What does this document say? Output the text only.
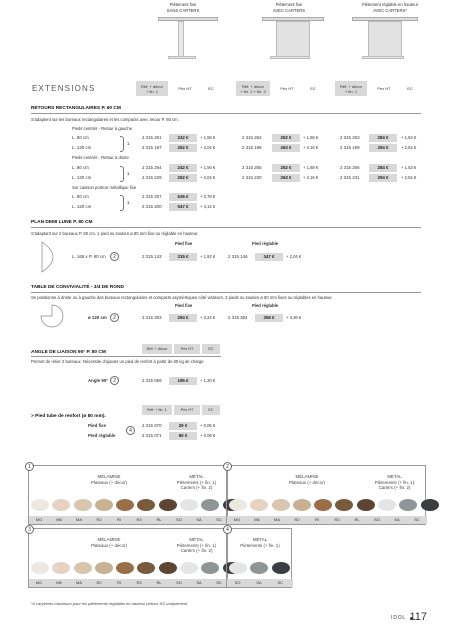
Piètement fixe
SANS CARTERS
Piètement fixe
AVEC CARTERS
Piètement réglable en hauteur
AVEC CARTERS*
EXTENSIONS	Réf. + décor
+ fin. 1	Prix HT	EC	Réf. + décor
+ fin. 1 + fin. 2	Prix HT	EC	Réf. + décor
+ fin. 1	Prix HT	EC
RETOURS RECTANGULAIRES P. 60 CM
S'adaptent sur les bureaux rectangulaires et les compacts avec retour P. 60 cm.
Pieds centrés - Retour à gauche
L. 80 cm	2 315 261	242 €	+ 1,58 €	2 315 262	252 €	+ 1,58 €	2 315 263	284 €	+ 1,53 €
L. 120 cm	2 315 197	252 €	+ 2,04 €	2 315 198	263 €	+ 2,16 €	2 315 199	294 €	+ 2,52 €
1
Pieds centrés - Retour à droite
L. 80 cm	2 315 264	242 €	+ 1,56 €	2 315 265	252 €	+ 1,68 €	2 315 266	284 €	+ 1,53 €
L. 120 cm	2 315 229	252 €	+ 2,04 €	2 315 230	263 €	+ 2,16 €	2 315 231	294 €	+ 2,52 €
1
Sur caisson porteur métallique fixe
L. 80 cm	2 315 207	536 €	+ 3,78 €
L. 120 cm	2 315 200	547 €	+ 4,14 €
1
PLAN DEMI LUNE P. 80 CM
S'adaptant sur 2 bureaux P. 80 cm. 1 pied ou soutien ø 80 mm fixe ou réglable en hauteur.
Pied fixe	Pied réglable
L. 165 x P. 80 cm	2	2 315 143	315 €	+ 1,92 €	2 315 146	347 €	+ 2,04 €
TABLE DE CONVIVIALITÉ - 3/4 DE ROND
Se positionne à droite ou à gauche des bureaux rectangulaires et compacts asymétriques côté visiteurs. 2 pieds ou soutien ø 80 mm fixes ou réglables en hauteur.
Pied fixe	Pied réglable
ø 120 cm	2	2 315 303	294 €	+ 3,24 €	2 315 304	355 €	+ 3,36 €
Réf. + décor	Prix HT	EC
ANGLE DE LIAISON 90° P. 80 CM
Permet de relier 2 bureaux. Nécessite d'ajouter un pied de renfort à partir de 80 kg de charge
Angle 90°	2	2 315 069	195 €	+ 1,20 €
Réf. + fin. 1	Prix HT	EC
> Pied tube de renfort (ø 80 mm).
Pied fixe	2 315 070	29 €	+ 0,06 €
Pied réglable	2 315 071	60 €	+ 0,06 €
4
1
MÉLAMINE
Plateaux (+ décor)
MÉTAL
Piètements (+ fin. 1)
Carters (+ fin. 2)
MG	M6	MA	R2	RI	R3	RL	SO	SA	SC
2
MÉLAMINE
Plateaux (+ décor)
MÉTAL
Piètements (+ fin. 1)
Carters (+ fin. 2)
MG	M6	MA	R2	RI	R3	RL	SO	SA	SC
3
MÉLAMINE
Plateaux (+ décor)
MÉTAL
Piètements (+ fin. 1)
Carters (+ fin. 2)
MG	M6	MA	R2	RI	R3	RL	SO	SA	SC
4
MÉTAL
Piètements (+ fin. 1)
SO	SA	SC
*4 carysères maximum pour les piètements réglables en hauteur prévus 5/2 uniquement.
IDOL 117
